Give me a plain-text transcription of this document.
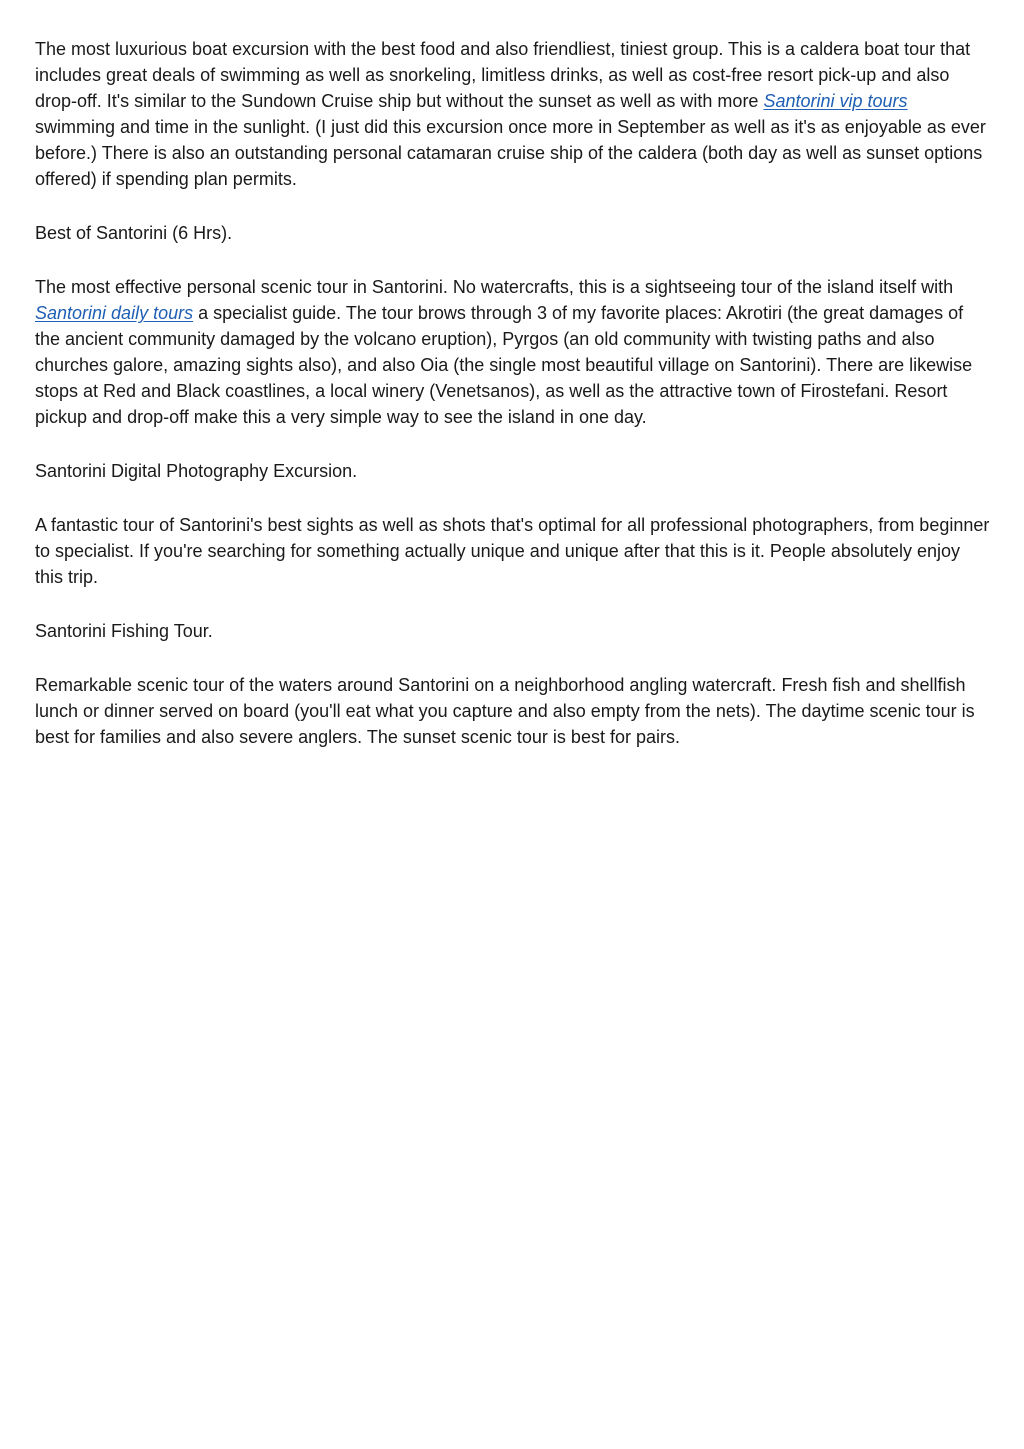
The most luxurious boat excursion with the best food and also friendliest, tiniest group. This is a caldera boat tour that includes great deals of swimming as well as snorkeling, limitless drinks, as well as cost-free resort pick-up and also drop-off. It's similar to the Sundown Cruise ship but without the sunset as well as with more Santorini vip tours swimming and time in the sunlight. (I just did this excursion once more in September as well as it's as enjoyable as ever before.) There is also an outstanding personal catamaran cruise ship of the caldera (both day as well as sunset options offered) if spending plan permits.

Best of Santorini (6 Hrs).

The most effective personal scenic tour in Santorini. No watercrafts, this is a sightseeing tour of the island itself with Santorini daily tours a specialist guide. The tour brows through 3 of my favorite places: Akrotiri (the great damages of the ancient community damaged by the volcano eruption), Pyrgos (an old community with twisting paths and also churches galore, amazing sights also), and also Oia (the single most beautiful village on Santorini). There are likewise stops at Red and Black coastlines, a local winery (Venetsanos), as well as the attractive town of Firostefani. Resort pickup and drop-off make this a very simple way to see the island in one day.

Santorini Digital Photography Excursion.

A fantastic tour of Santorini's best sights as well as shots that's optimal for all professional photographers, from beginner to specialist. If you're searching for something actually unique and unique after that this is it. People absolutely enjoy this trip.

Santorini Fishing Tour.

Remarkable scenic tour of the waters around Santorini on a neighborhood angling watercraft. Fresh fish and shellfish lunch or dinner served on board (you'll eat what you capture and also empty from the nets). The daytime scenic tour is best for families and also severe anglers. The sunset scenic tour is best for pairs.
